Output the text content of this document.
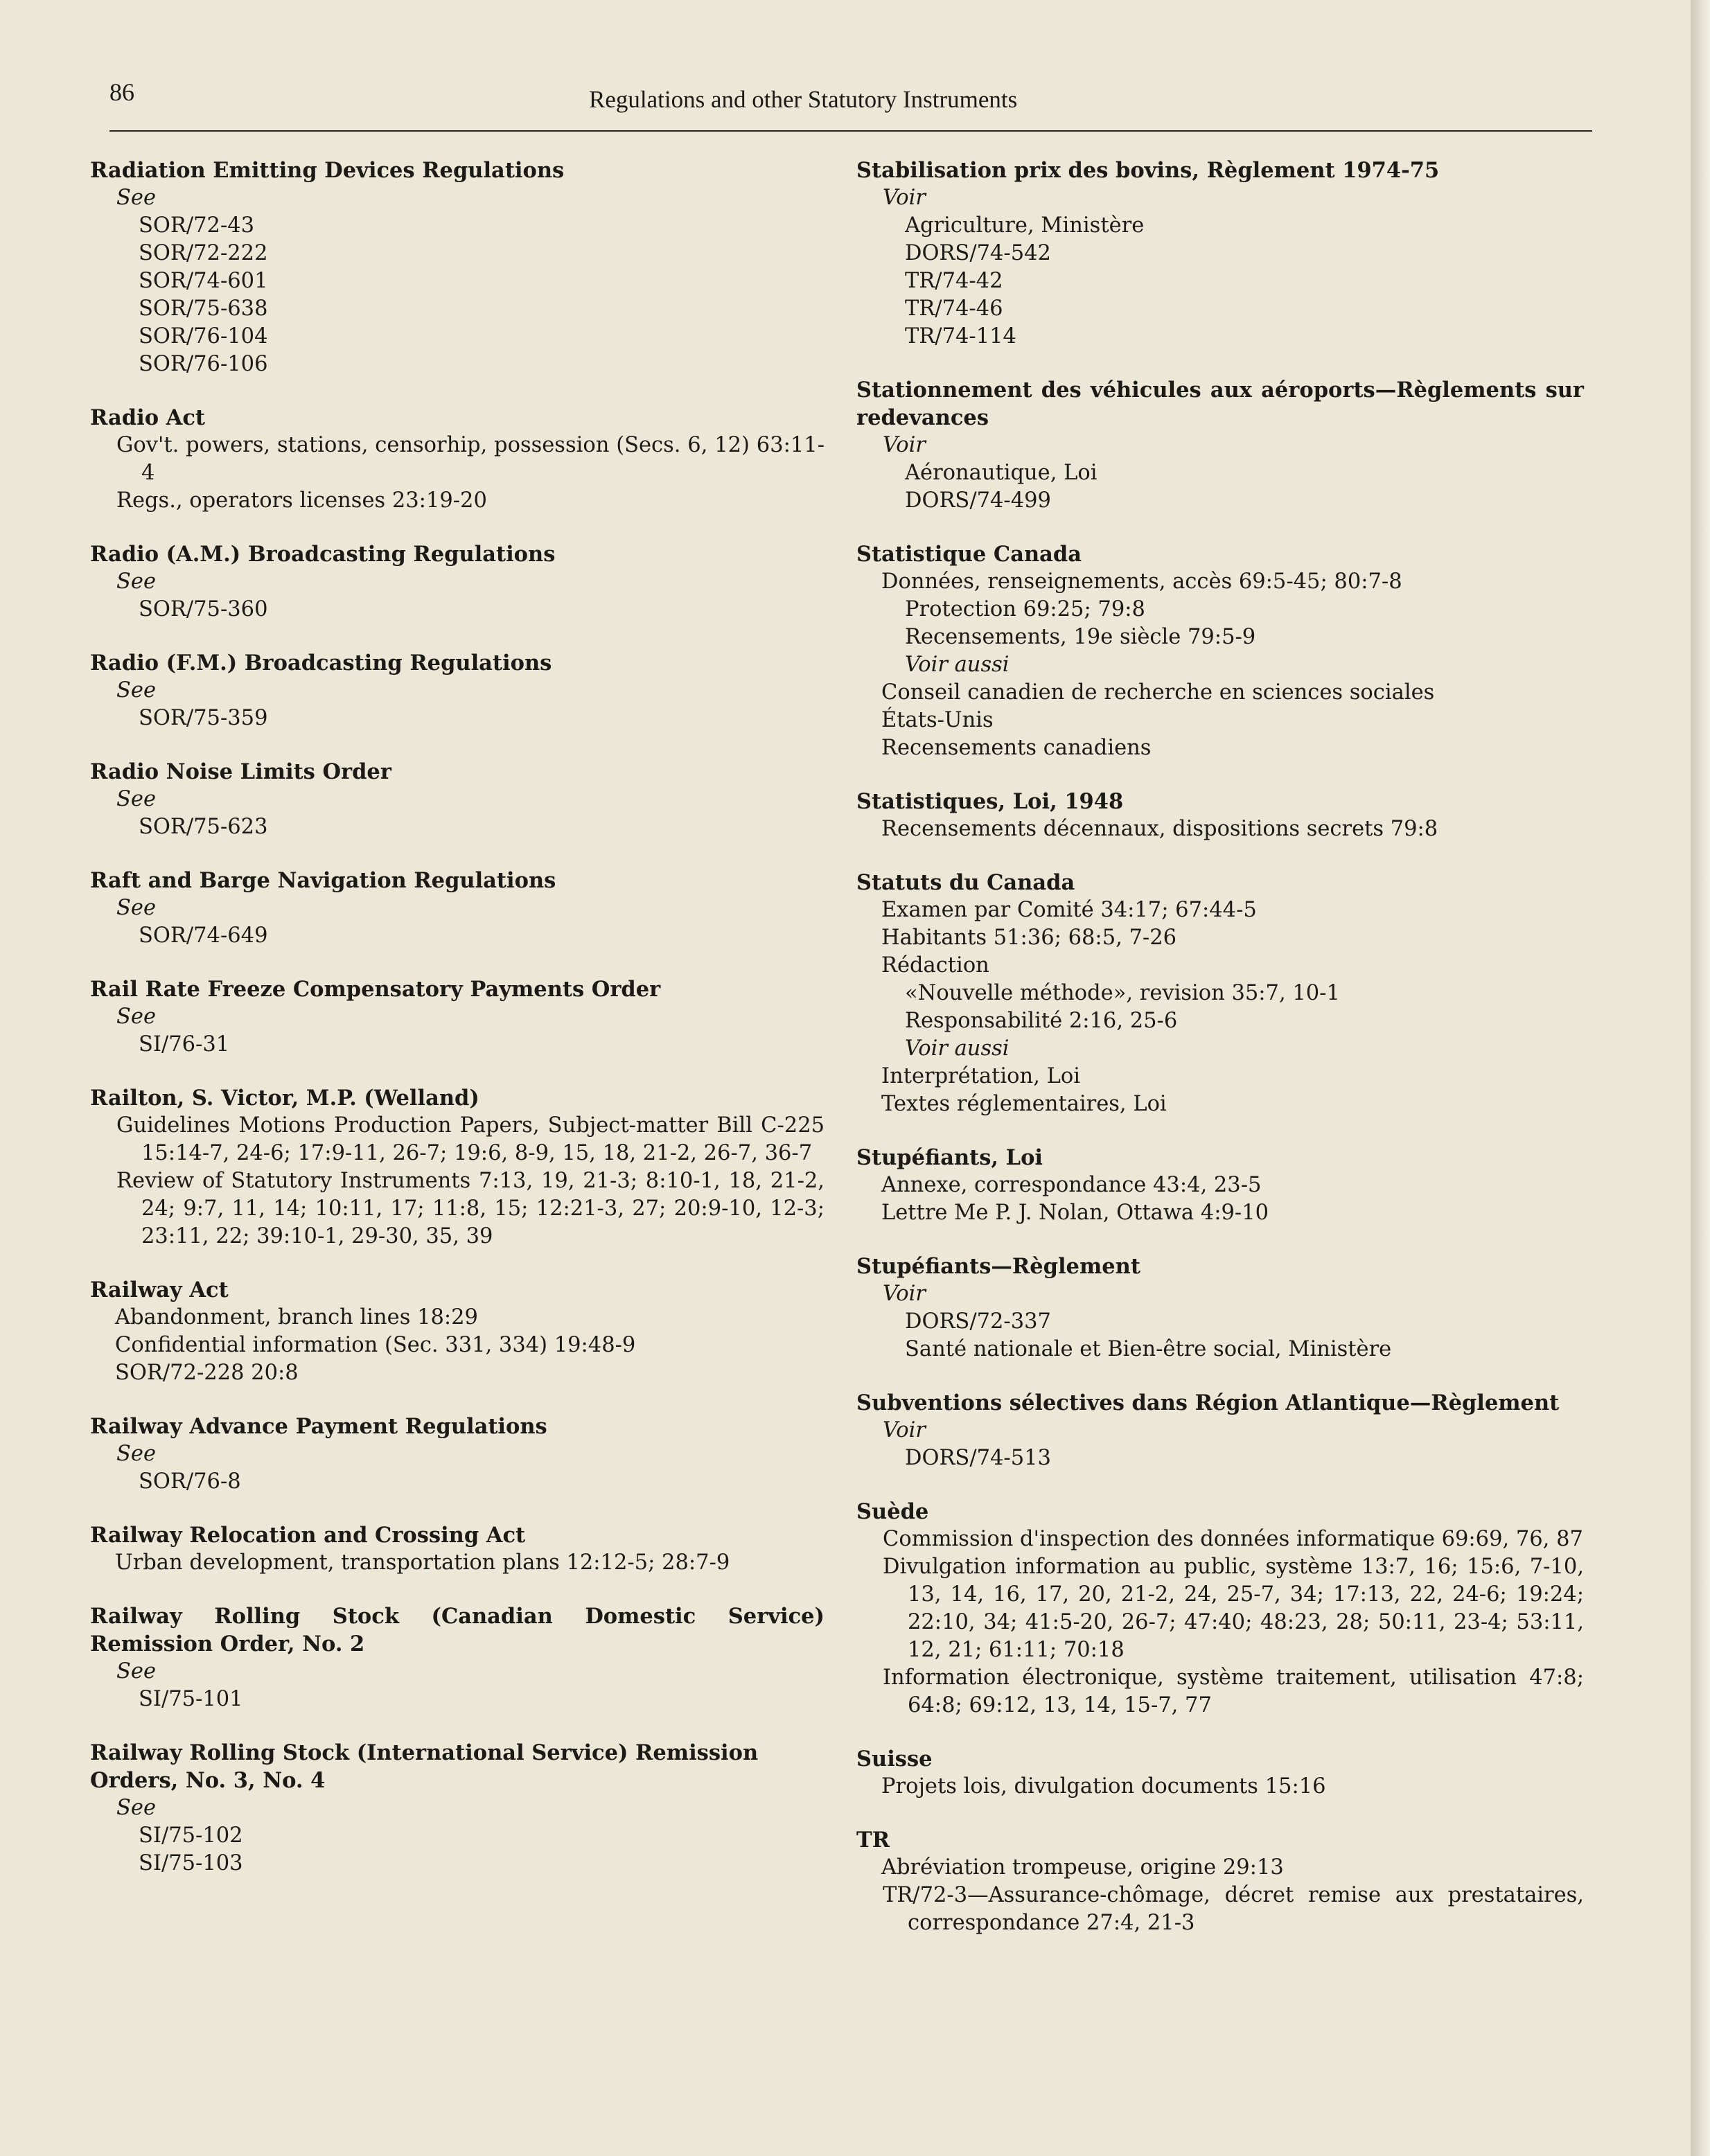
86	Regulations and other Statutory Instruments
Radiation Emitting Devices Regulations
See
SOR/72-43
SOR/72-222
SOR/74-601
SOR/75-638
SOR/76-104
SOR/76-106
Radio Act
Gov't. powers, stations, censorhip, possession (Secs. 6, 12) 63:11-4
Regs., operators licenses 23:19-20
Radio (A.M.) Broadcasting Regulations
See
SOR/75-360
Radio (F.M.) Broadcasting Regulations
See
SOR/75-359
Radio Noise Limits Order
See
SOR/75-623
Raft and Barge Navigation Regulations
See
SOR/74-649
Rail Rate Freeze Compensatory Payments Order
See
SI/76-31
Railton, S. Victor, M.P. (Welland)
Guidelines Motions Production Papers, Subject-matter Bill C-225 15:14-7, 24-6; 17:9-11, 26-7; 19:6, 8-9, 15, 18, 21-2, 26-7, 36-7
Review of Statutory Instruments 7:13, 19, 21-3; 8:10-1, 18, 21-2, 24; 9:7, 11, 14; 10:11, 17; 11:8, 15; 12:21-3, 27; 20:9-10, 12-3; 23:11, 22; 39:10-1, 29-30, 35, 39
Railway Act
Abandonment, branch lines 18:29
Confidential information (Sec. 331, 334) 19:48-9
SOR/72-228 20:8
Railway Advance Payment Regulations
See
SOR/76-8
Railway Relocation and Crossing Act
Urban development, transportation plans 12:12-5; 28:7-9
Railway Rolling Stock (Canadian Domestic Service) Remission Order, No. 2
See
SI/75-101
Railway Rolling Stock (International Service) Remission Orders, No. 3, No. 4
See
SI/75-102
SI/75-103
Stabilisation prix des bovins, Règlement 1974-75
Voir
Agriculture, Ministère
DORS/74-542
TR/74-42
TR/74-46
TR/74-114
Stationnement des véhicules aux aéroports—Règlements sur redevances
Voir
Aéronautique, Loi
DORS/74-499
Statistique Canada
Données, renseignements, accès 69:5-45; 80:7-8
Protection 69:25; 79:8
Recensements, 19e siècle 79:5-9
Voir aussi
Conseil canadien de recherche en sciences sociales
États-Unis
Recensements canadiens
Statistiques, Loi, 1948
Recensements décennaux, dispositions secrets 79:8
Statuts du Canada
Examen par Comité 34:17; 67:44-5
Habitants 51:36; 68:5, 7-26
Rédaction
«Nouvelle méthode», revision 35:7, 10-1
Responsabilité 2:16, 25-6
Voir aussi
Interprétation, Loi
Textes réglementaires, Loi
Stupéfiants, Loi
Annexe, correspondance 43:4, 23-5
Lettre Me P. J. Nolan, Ottawa 4:9-10
Stupéfiants—Règlement
Voir
DORS/72-337
Santé nationale et Bien-être social, Ministère
Subventions sélectives dans Région Atlantique—Règlement
Voir
DORS/74-513
Suède
Commission d'inspection des données informatique 69:69, 76, 87
Divulgation information au public, système 13:7, 16; 15:6, 7-10, 13, 14, 16, 17, 20, 21-2, 24, 25-7, 34; 17:13, 22, 24-6; 19:24; 22:10, 34; 41:5-20, 26-7; 47:40; 48:23, 28; 50:11, 23-4; 53:11, 12, 21; 61:11; 70:18
Information électronique, système traitement, utilisation 47:8; 64:8; 69:12, 13, 14, 15-7, 77
Suisse
Projets lois, divulgation documents 15:16
TR
Abréviation trompeuse, origine 29:13
TR/72-3—Assurance-chômage, décret remise aux prestataires, correspondance 27:4, 21-3
